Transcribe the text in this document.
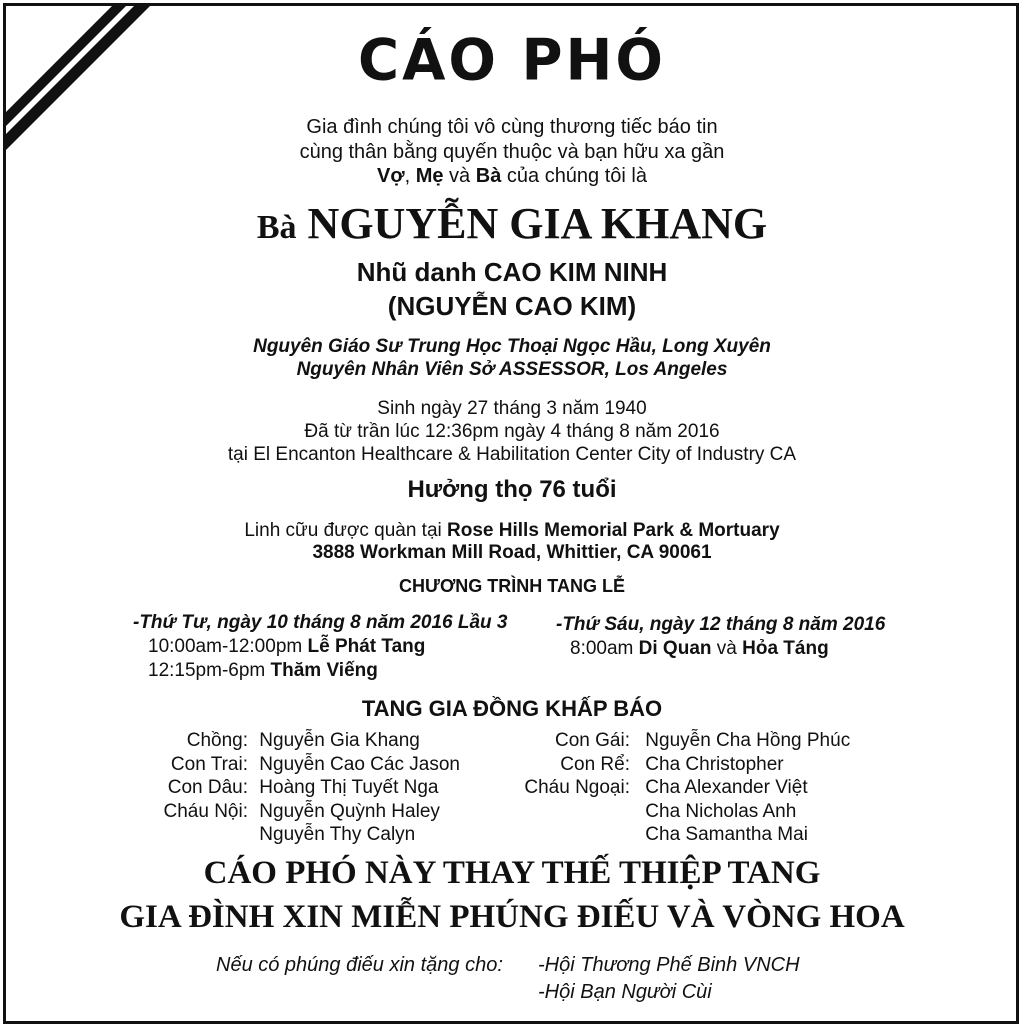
CÁO PHÓ
Gia đình chúng tôi vô cùng thương tiếc báo tin
cùng thân bằng quyến thuộc và bạn hữu xa gần
Vợ, Mẹ và Bà của chúng tôi là
Bà NGUYỄN GIA KHANG
Nhũ danh CAO KIM NINH
(NGUYỄN CAO KIM)
Nguyên Giáo Sư Trung Học Thoại Ngọc Hầu, Long Xuyên
Nguyên Nhân Viên Sở ASSESSOR, Los Angeles
Sinh ngày 27 tháng 3 năm 1940
Đã từ trần lúc 12:36pm ngày 4 tháng 8 năm 2016
tại El Encanton Healthcare & Habilitation Center City of Industry CA
Hưởng thọ 76 tuổi
Linh cữu được quàn tại Rose Hills Memorial Park & Mortuary
3888 Workman Mill Road, Whittier, CA 90061
CHƯƠNG TRÌNH TANG LỄ
-Thứ Tư, ngày 10 tháng 8 năm 2016 Lầu 3
10:00am-12:00pm Lễ Phát Tang
12:15pm-6pm Thăm Viếng
-Thứ Sáu, ngày 12 tháng 8 năm 2016
8:00am Di Quan và Hỏa Táng
TANG GIA ĐỒNG KHẤP BÁO
Chồng: Nguyễn Gia Khang
Con Trai: Nguyễn Cao Các Jason
Con Dâu: Hoàng Thị Tuyết Nga
Cháu Nội: Nguyễn Quỳnh Haley
Nguyễn Thy Calyn
Con Gái: Nguyễn Cha Hồng Phúc
Con Rể: Cha Christopher
Cháu Ngoại: Cha Alexander Việt
Cha Nicholas Anh
Cha Samantha Mai
CÁO PHÓ NÀY THAY THẾ THIỆP TANG
GIA ĐÌNH XIN MIỄN PHÚNG ĐIẾU VÀ VÒNG HOA
Nếu có phúng điếu xin tặng cho: -Hội Thương Phế Binh VNCH
-Hội Bạn Người Cùi
